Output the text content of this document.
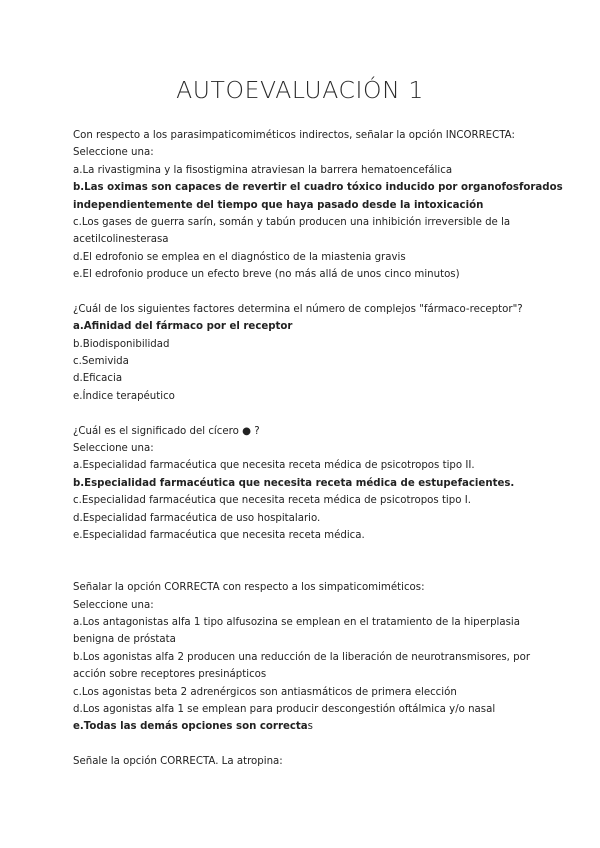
AUTOEVALUACIÓN 1
Con respecto a los parasimpaticomiméticos indirectos, señalar la opción INCORRECTA:
Seleccione una:
a.La rivastigmina y la fisostigmina atraviesan la barrera hematoencefálica
b.Las oximas son capaces de revertir el cuadro tóxico inducido por organofosforados
independientemente del tiempo que haya pasado desde la intoxicación
c.Los gases de guerra sarín, somán y tabún producen una inhibición irreversible de la
acetilcolinesterasa
d.El edrofonio se emplea en el diagnóstico de la miastenia gravis
e.El edrofonio produce un efecto breve (no más allá de unos cinco minutos)
¿Cuál de los siguientes factores determina el número de complejos "fármaco-receptor"?
a.Afinidad del fármaco por el receptor
b.Biodisponibilidad
c.Semivida
d.Eficacia
e.Índice terapéutico
¿Cuál es el significado del cícero ● ?
Seleccione una:
a.Especialidad farmacéutica que necesita receta médica de psicotropos tipo II.
b.Especialidad farmacéutica que necesita receta médica de estupefacientes.
c.Especialidad farmacéutica que necesita receta médica de psicotropos tipo I.
d.Especialidad farmacéutica de uso hospitalario.
e.Especialidad farmacéutica que necesita receta médica.
Señalar la opción CORRECTA con respecto a los simpaticomiméticos:
Seleccione una:
a.Los antagonistas alfa 1 tipo alfusozina se emplean en el tratamiento de la hiperplasia
benigna de próstata
b.Los agonistas alfa 2 producen una reducción de la liberación de neurotransmisores, por
acción sobre receptores presinápticos
c.Los agonistas beta 2 adrenérgicos son antiasmáticos de primera elección
d.Los agonistas alfa 1 se emplean para producir descongestión oftálmica y/o nasal
e.Todas las demás opciones son correctas
Señale la opción CORRECTA. La atropina:
